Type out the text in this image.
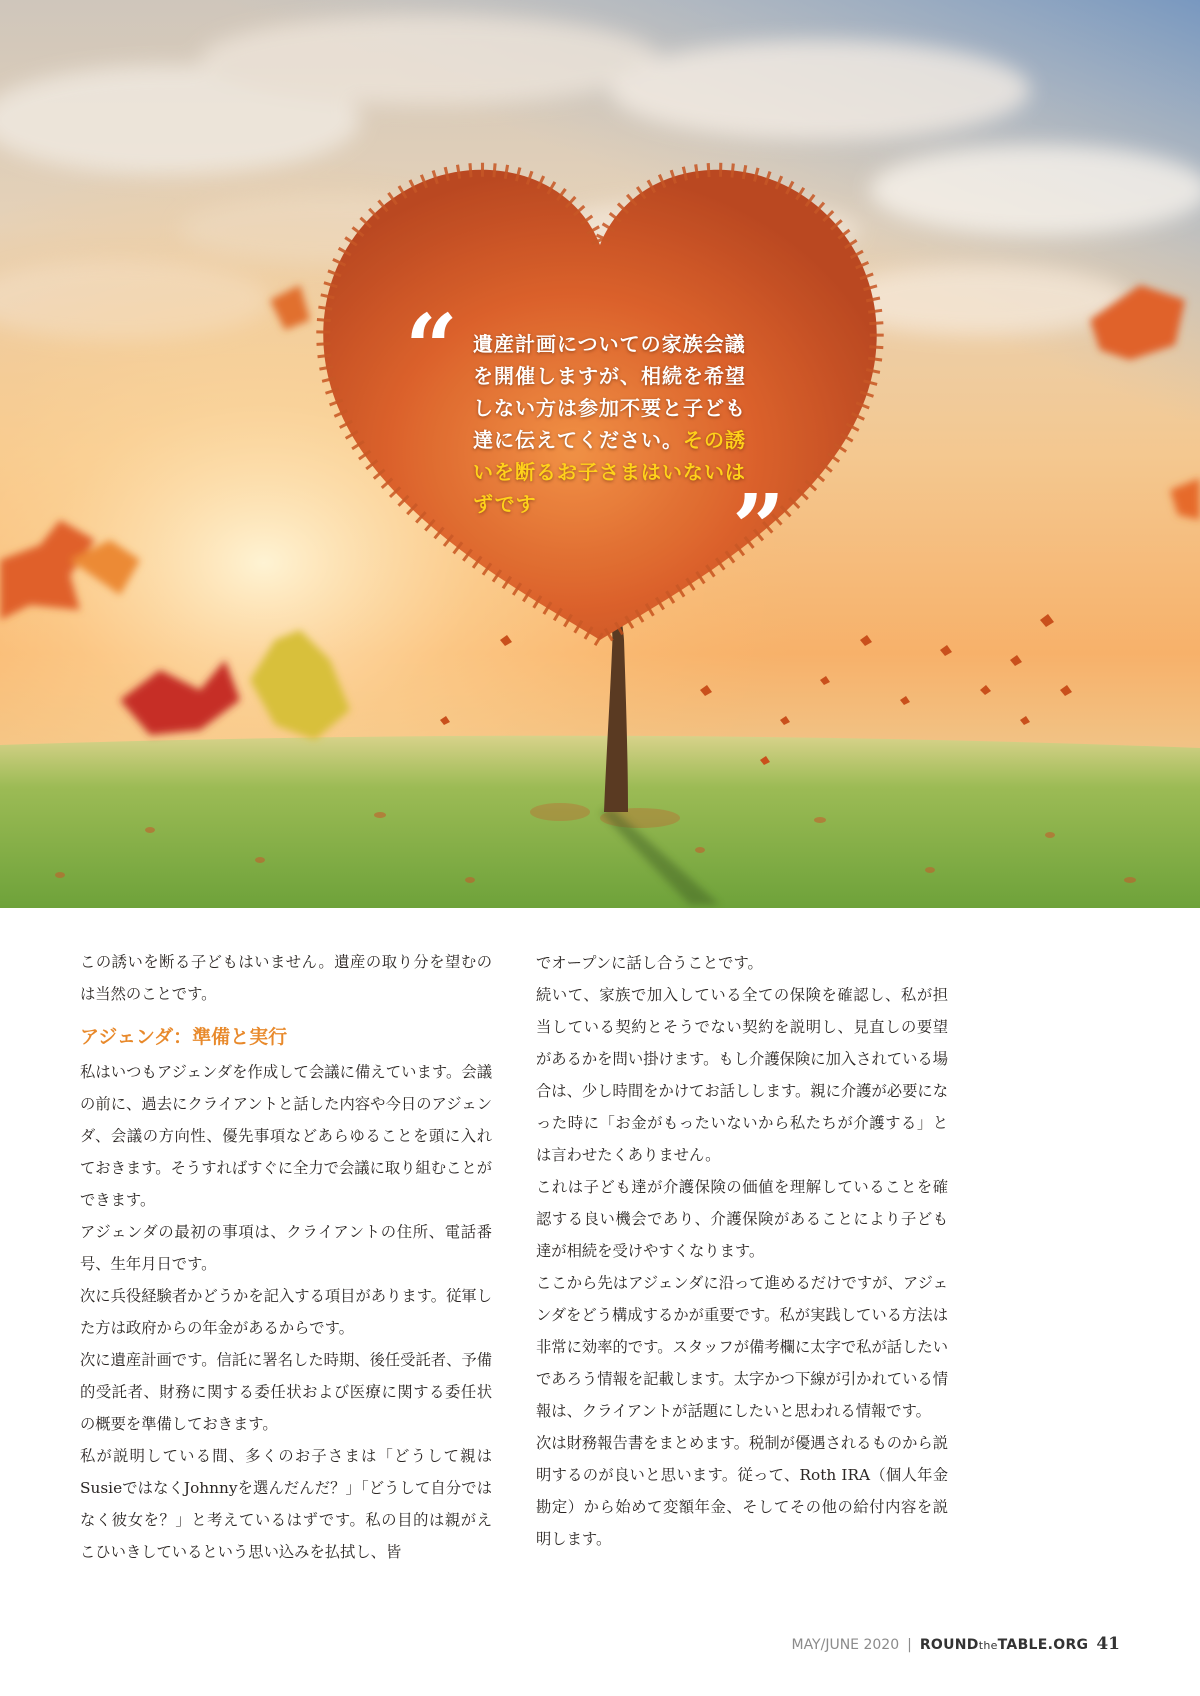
“ 遺産計画についての家族会議を開催しますが、相続を希望しない方は参加不要と子ども達に伝えてください。その誘いを断るお子さまはいないはずです	”

この誘いを断る子どもはいません。遺産の取り分を望むのは当然のことです。

アジェンダ：準備と実行

私はいつもアジェンダを作成して会議に備えています。会議の前に、過去にクライアントと話した内容や今日のアジェンダ、会議の方向性、優先事項などあらゆることを頭に入れておきます。そうすればすぐに全力で会議に取り組むことができます。

アジェンダの最初の事項は、クライアントの住所、電話番号、生年月日です。

次に兵役経験者かどうかを記入する項目があります。従軍した方は政府からの年金があるからです。

次に遺産計画です。信託に署名した時期、後任受託者、予備的受託者、財務に関する委任状および医療に関する委任状の概要を準備しておきます。

私が説明している間、多くのお子さまは「どうして親はSusieではなくJohnnyを選んだんだ？」「どうして自分ではなく彼女を？」と考えているはずです。私の目的は親がえこひいきしているという思い込みを払拭し、皆

でオープンに話し合うことです。

続いて、家族で加入している全ての保険を確認し、私が担当している契約とそうでない契約を説明し、見直しの要望があるかを問い掛けます。もし介護保険に加入されている場合は、少し時間をかけてお話しします。親に介護が必要になった時に「お金がもったいないから私たちが介護する」とは言わせたくありません。

これは子ども達が介護保険の価値を理解していることを確認する良い機会であり、介護保険があることにより子ども達が相続を受けやすくなります。

ここから先はアジェンダに沿って進めるだけですが、アジェンダをどう構成するかが重要です。私が実践している方法は非常に効率的です。スタッフが備考欄に太字で私が話したいであろう情報を記載します。太字かつ下線が引かれている情報は、クライアントが話題にしたいと思われる情報です。

次は財務報告書をまとめます。税制が優遇されるものから説明するのが良いと思います。従って、Roth IRA（個人年金勘定）から始めて変額年金、そしてその他の給付内容を説明します。

MAY/JUNE 2020 | ROUNDtheTABLE.ORG 41
